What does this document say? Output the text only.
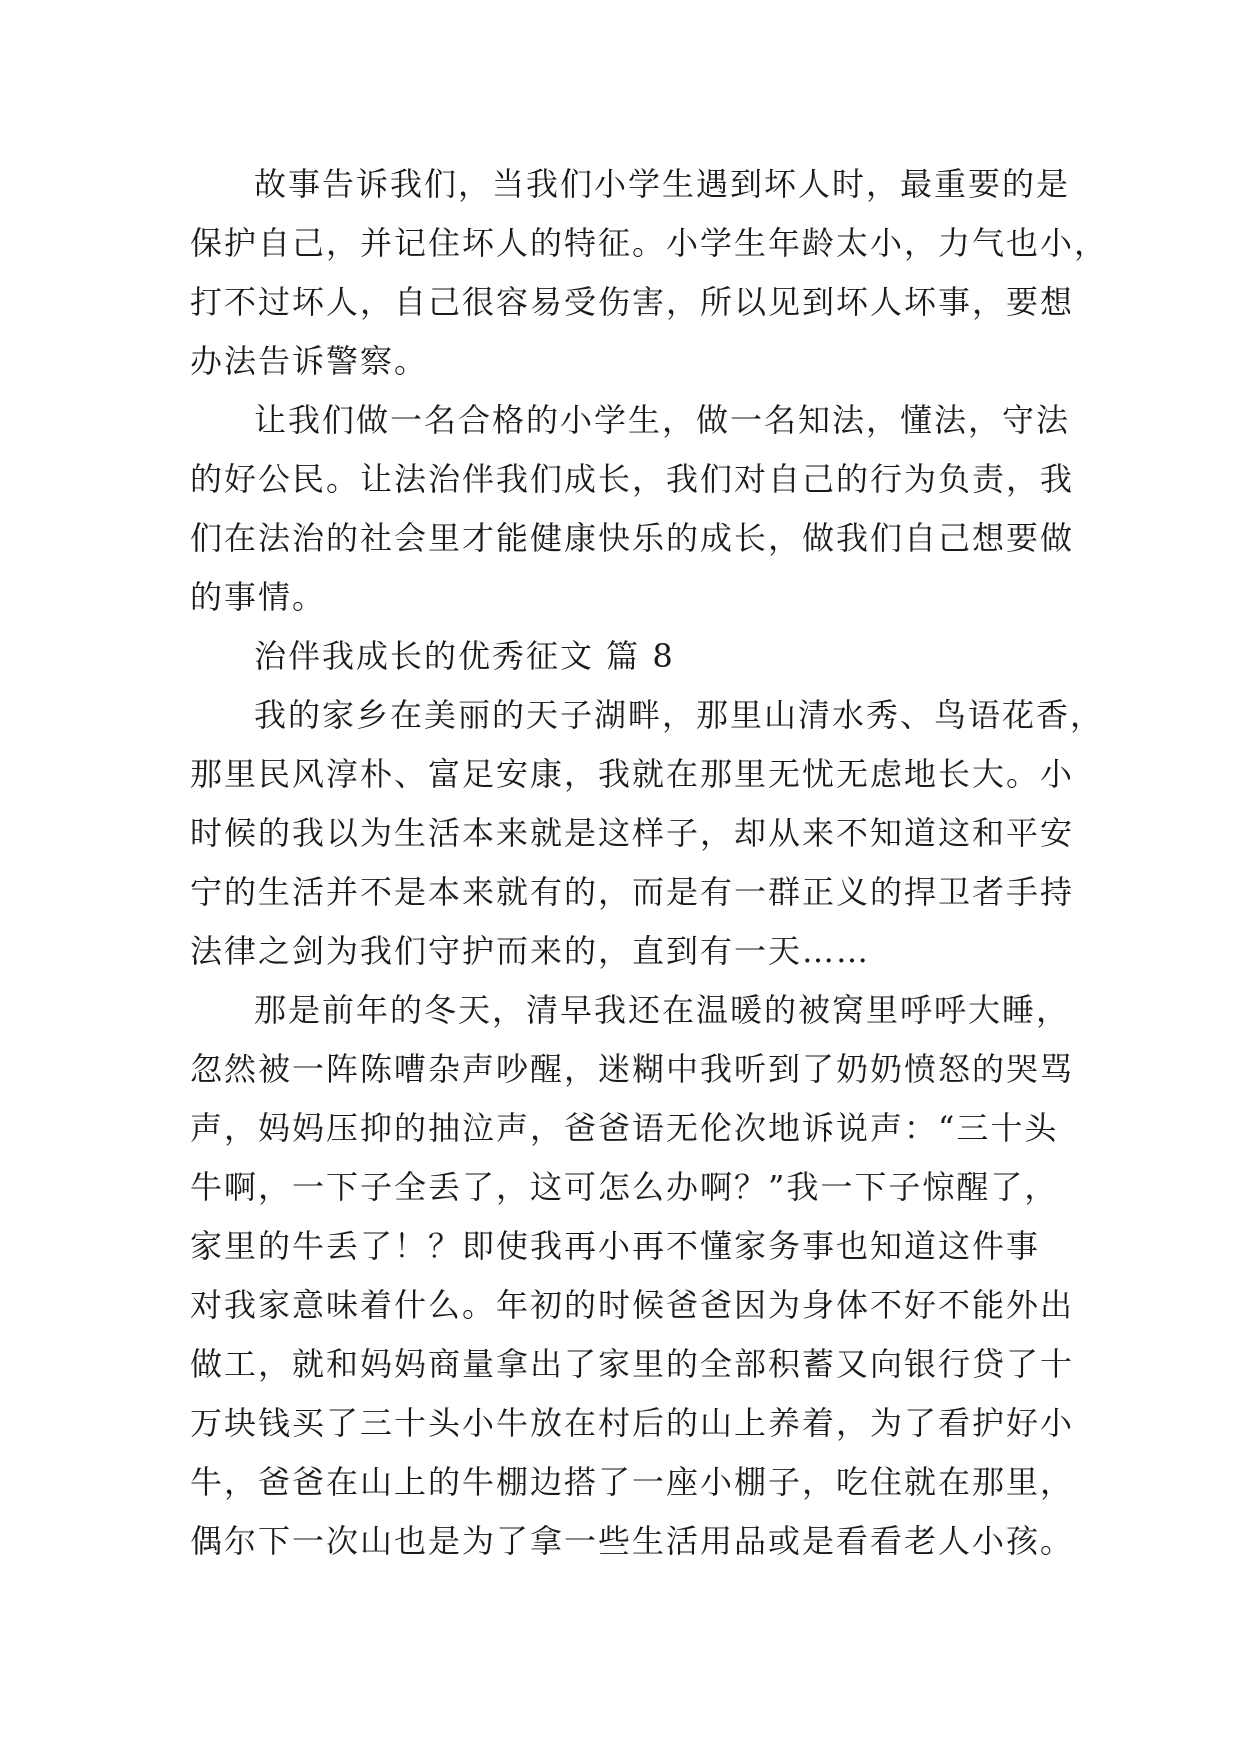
故事告诉我们，当我们小学生遇到坏人时，最重要的是
保护自己，并记住坏人的特征。小学生年龄太小，力气也小，
打不过坏人，自己很容易受伤害，所以见到坏人坏事，要想
办法告诉警察。
让我们做一名合格的小学生，做一名知法，懂法，守法
的好公民。让法治伴我们成长，我们对自己的行为负责，我
们在法治的社会里才能健康快乐的成长，做我们自己想要做
的事情。
治伴我成长的优秀征文 篇 8
我的家乡在美丽的天子湖畔，那里山清水秀、鸟语花香，
那里民风淳朴、富足安康，我就在那里无忧无虑地长大。小
时候的我以为生活本来就是这样子，却从来不知道这和平安
宁的生活并不是本来就有的，而是有一群正义的捍卫者手持
法律之剑为我们守护而来的，直到有一天……
那是前年的冬天，清早我还在温暖的被窝里呼呼大睡，
忽然被一阵陈嘈杂声吵醒，迷糊中我听到了奶奶愤怒的哭骂
声，妈妈压抑的抽泣声，爸爸语无伦次地诉说声：“三十头
牛啊，一下子全丢了，这可怎么办啊？”我一下子惊醒了，
家里的牛丢了！？即使我再小再不懂家务事也知道这件事
对我家意味着什么。年初的时候爸爸因为身体不好不能外出
做工，就和妈妈商量拿出了家里的全部积蓄又向银行贷了十
万块钱买了三十头小牛放在村后的山上养着，为了看护好小
牛，爸爸在山上的牛棚边搭了一座小棚子，吃住就在那里，
偶尔下一次山也是为了拿一些生活用品或是看看老人小孩。
